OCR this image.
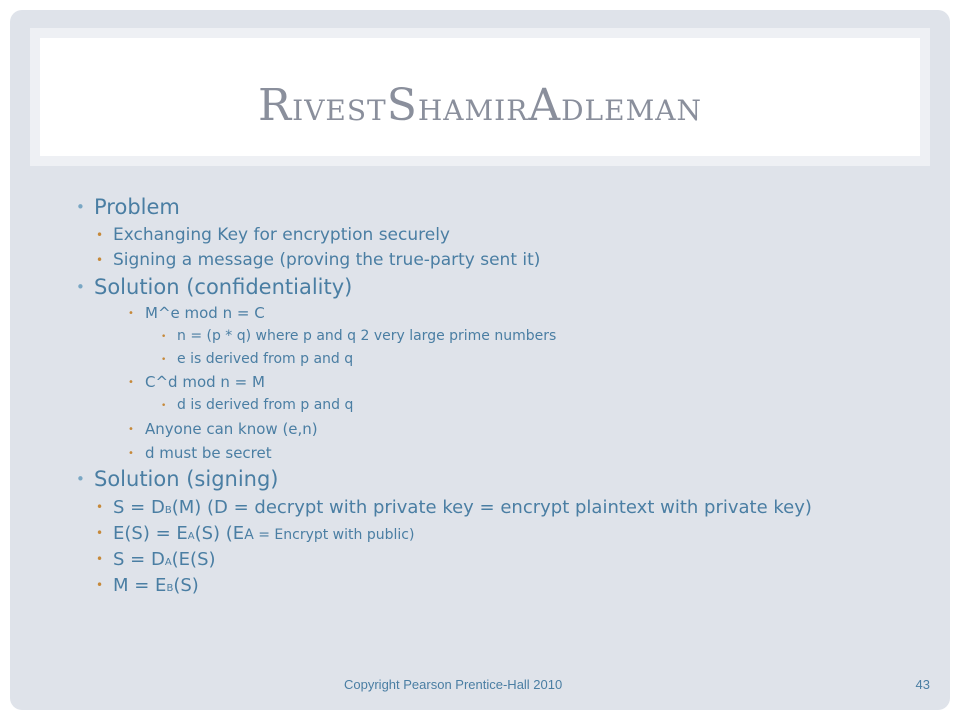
RIVESTSHAMIRADLEMAN
• Problem
• Exchanging Key for encryption securely
• Signing a message (proving the true-party sent it)
• Solution (confidentiality)
• M^e mod n = C
• n = (p * q) where p and q 2 very large prime numbers
• e is derived from p and q
• C^d mod n = M
• d is derived from p and q
• Anyone can know (e,n)
• d must be secret
• Solution (signing)
• S = DB(M) (D = decrypt with private key = encrypt plaintext with private key)
• E(S) = EA(S) (EA = Encrypt with public)
• S = DA(E(S)
• M = EB(S)
Copyright Pearson Prentice-Hall 2010	43
